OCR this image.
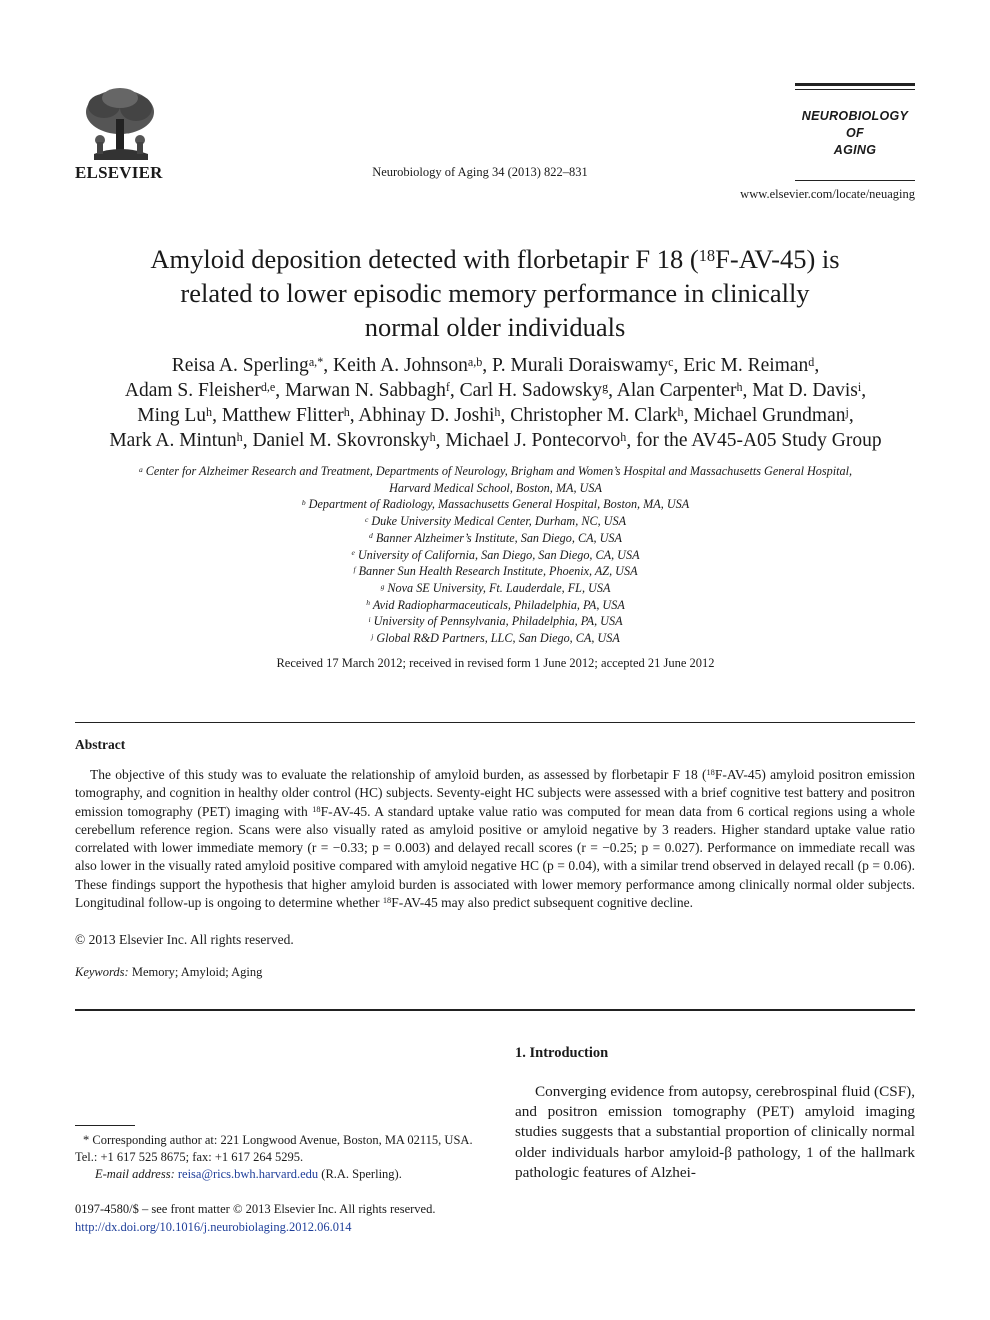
ELSEVIER	Neurobiology of Aging 34 (2013) 822–831
NEUROBIOLOGY
OF
AGING
www.elsevier.com/locate/neuaging
Amyloid deposition detected with florbetapir F 18 ($^{18}$F-AV-45) is
related to lower episodic memory performance in clinically
normal older individuals
Reisa A. Sperling$^{a,*}$, Keith A. Johnson$^{a,b}$, P. Murali Doraiswamy$^c$, Eric M. Reiman$^d$,
Adam S. Fleisher$^{d,e}$, Marwan N. Sabbagh$^f$, Carl H. Sadowsky$^g$, Alan Carpenter$^h$, Mat D. Davis$^i$,
Ming Lu$^h$, Matthew Flitter$^h$, Abhinay D. Joshi$^h$, Christopher M. Clark$^h$, Michael Grundman$^j$,
Mark A. Mintun$^h$, Daniel M. Skovronsky$^h$, Michael J. Pontecorvo$^h$, for the AV45-A05 Study Group
$^a$ Center for Alzheimer Research and Treatment, Departments of Neurology, Brigham and Women’s Hospital and Massachusetts General Hospital,
Harvard Medical School, Boston, MA, USA
$^b$ Department of Radiology, Massachusetts General Hospital, Boston, MA, USA
$^c$ Duke University Medical Center, Durham, NC, USA
$^d$ Banner Alzheimer’s Institute, San Diego, CA, USA
$^e$ University of California, San Diego, San Diego, CA, USA
$^f$ Banner Sun Health Research Institute, Phoenix, AZ, USA
$^g$ Nova SE University, Ft. Lauderdale, FL, USA
$^h$ Avid Radiopharmaceuticals, Philadelphia, PA, USA
$^i$ University of Pennsylvania, Philadelphia, PA, USA
$^j$ Global R&D Partners, LLC, San Diego, CA, USA
Received 17 March 2012; received in revised form 1 June 2012; accepted 21 June 2012
Abstract
The objective of this study was to evaluate the relationship of amyloid burden, as assessed by florbetapir F 18 ($^{18}$F-AV-45) amyloid positron emission tomography, and cognition in healthy older control (HC) subjects. Seventy-eight HC subjects were assessed with a brief cognitive test battery and positron emission tomography (PET) imaging with $^{18}$F-AV-45. A standard uptake value ratio was computed for mean data from 6 cortical regions using a whole cerebellum reference region. Scans were also visually rated as amyloid positive or amyloid negative by 3 readers. Higher standard uptake value ratio correlated with lower immediate memory (r = −0.33; p = 0.003) and delayed recall scores (r = −0.25; p = 0.027). Performance on immediate recall was also lower in the visually rated amyloid positive compared with amyloid negative HC (p = 0.04), with a similar trend observed in delayed recall (p = 0.06). These findings support the hypothesis that higher amyloid burden is associated with lower memory performance among clinically normal older subjects. Longitudinal follow-up is ongoing to determine whether $^{18}$F-AV-45 may also predict subsequent cognitive decline.
© 2013 Elsevier Inc. All rights reserved.
Keywords: Memory; Amyloid; Aging
1. Introduction
Converging evidence from autopsy, cerebrospinal fluid (CSF), and positron emission tomography (PET) amyloid imaging studies suggests that a substantial proportion of clinically normal older individuals harbor amyloid-β pathology, 1 of the hallmark pathologic features of Alzhei-
* Corresponding author at: 221 Longwood Avenue, Boston, MA 02115, USA. Tel.: +1 617 525 8675; fax: +1 617 264 5295.
E-mail address: reisa@rics.bwh.harvard.edu (R.A. Sperling).
0197-4580/$ – see front matter © 2013 Elsevier Inc. All rights reserved.
http://dx.doi.org/10.1016/j.neurobiolaging.2012.06.014
